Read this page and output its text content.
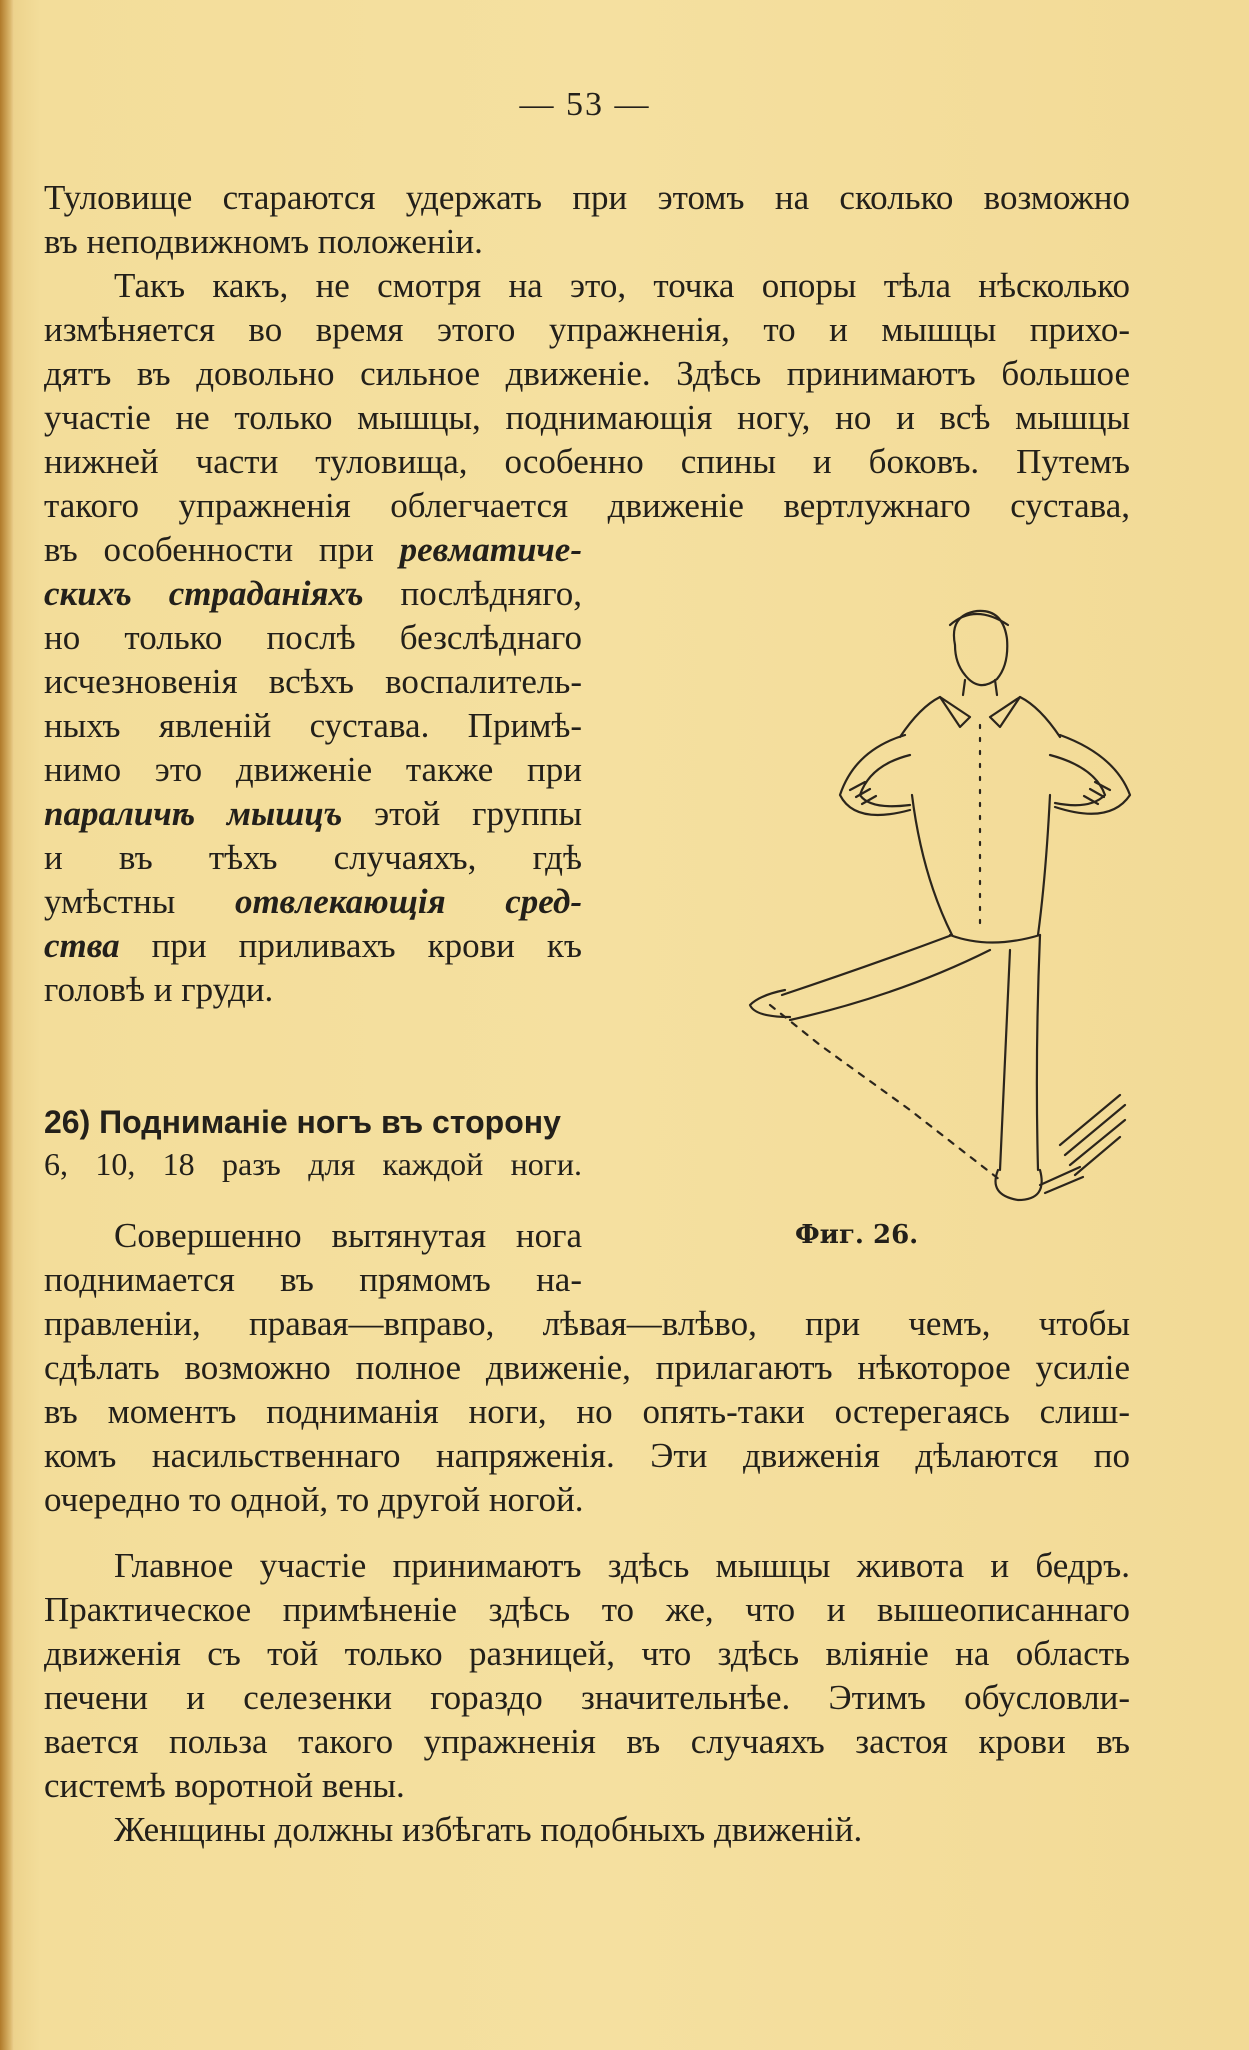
— 53 —

Туловище стараются удержать при этомъ на сколько возможно

въ неподвижномъ положенiи.

Такъ какъ, не смотря на это, точка опоры тѣла нѣсколько

измѣняется во время этого упражненiя, то и мышцы прихо-

дятъ въ довольно сильное движенiе. Здѣсь принимаютъ большое

участiе не только мышцы, поднимающiя ногу, но и всѣ мышцы

нижней части туловища, особенно спины и боковъ. Путемъ

такого упражненiя облегчается движенiе вертлужнаго сустава,

въ особенности при ревматиче-

скихъ страданiяхъ послѣдняго,

но только послѣ безслѣднаго

исчезновенiя всѣхъ воспалитель-

ныхъ явленiй сустава. Примѣ-

нимо это движенiе также при

параличѣ мышцъ этой группы

и въ тѣхъ случаяхъ, гдѣ

умѣстны отвлекающiя сред-

ства при приливахъ крови къ

головѣ и груди.

26) Подниманiе ногъ въ сторону

6, 10, 18 разъ для каждой ноги.

Совершенно вытянутая нога

поднимается въ прямомъ на-

правленiи, правая—вправо, лѣвая—влѣво, при чемъ, чтобы

сдѣлать возможно полное движенiе, прилагаютъ нѣкоторое усилiе

въ моментъ подниманiя ноги, но опять-таки остерегаясь слиш-

комъ насильственнаго напряженiя. Эти движенiя дѣлаются по

очередно то одной, то другой ногой.

Главное участiе принимаютъ здѣсь мышцы живота и бедръ.

Практическое примѣненiе здѣсь то же, что и вышеописаннаго

движенiя съ той только разницей, что здѣсь влiянiе на область

печени и селезенки гораздо значительнѣе. Этимъ обусловли-

вается польза такого упражненiя въ случаяхъ застоя крови въ

системѣ воротной вены.

Женщины должны избѣгать подобныхъ движенiй.

Фиг. 26.
